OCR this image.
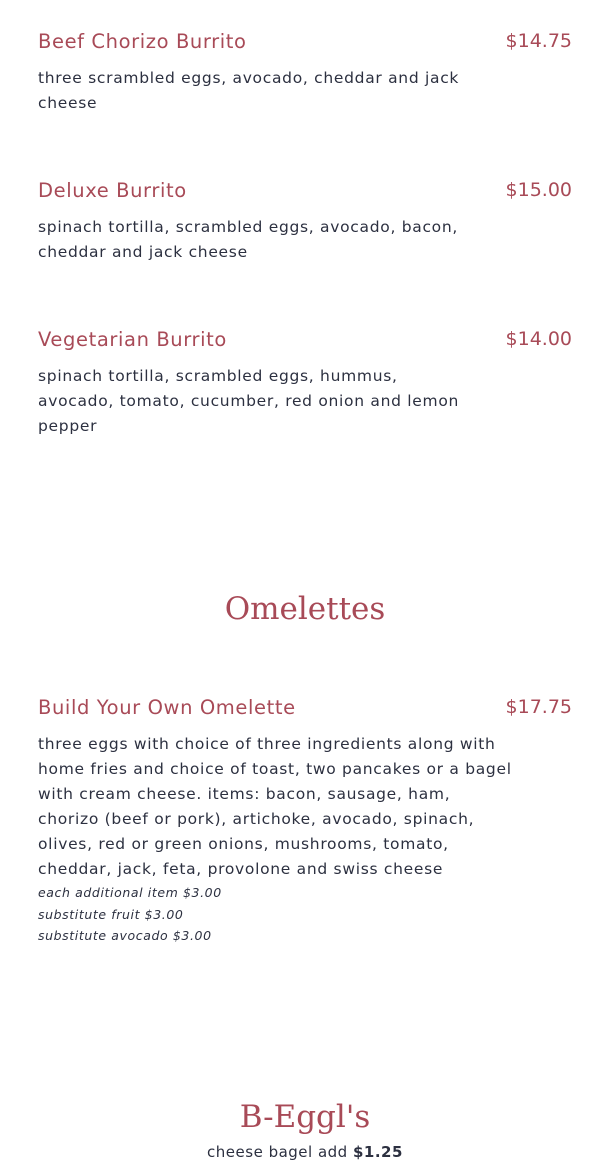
Beef Chorizo Burrito	$14.75
three scrambled eggs, avocado, cheddar and jack cheese
Deluxe Burrito	$15.00
spinach tortilla, scrambled eggs, avocado, bacon, cheddar and jack cheese
Vegetarian Burrito	$14.00
spinach tortilla, scrambled eggs, hummus, avocado, tomato, cucumber, red onion and lemon pepper
Omelettes
Build Your Own Omelette	$17.75
three eggs with choice of three ingredients along with home fries and choice of toast, two pancakes or a bagel with cream cheese. items: bacon, sausage, ham, chorizo (beef or pork), artichoke, avocado, spinach, olives, red or green onions, mushrooms, tomato, cheddar, jack, feta, provolone and swiss cheese
each additional item $3.00
substitute fruit $3.00
substitute avocado $3.00
B-Eggl's
cheese bagel add $1.25
